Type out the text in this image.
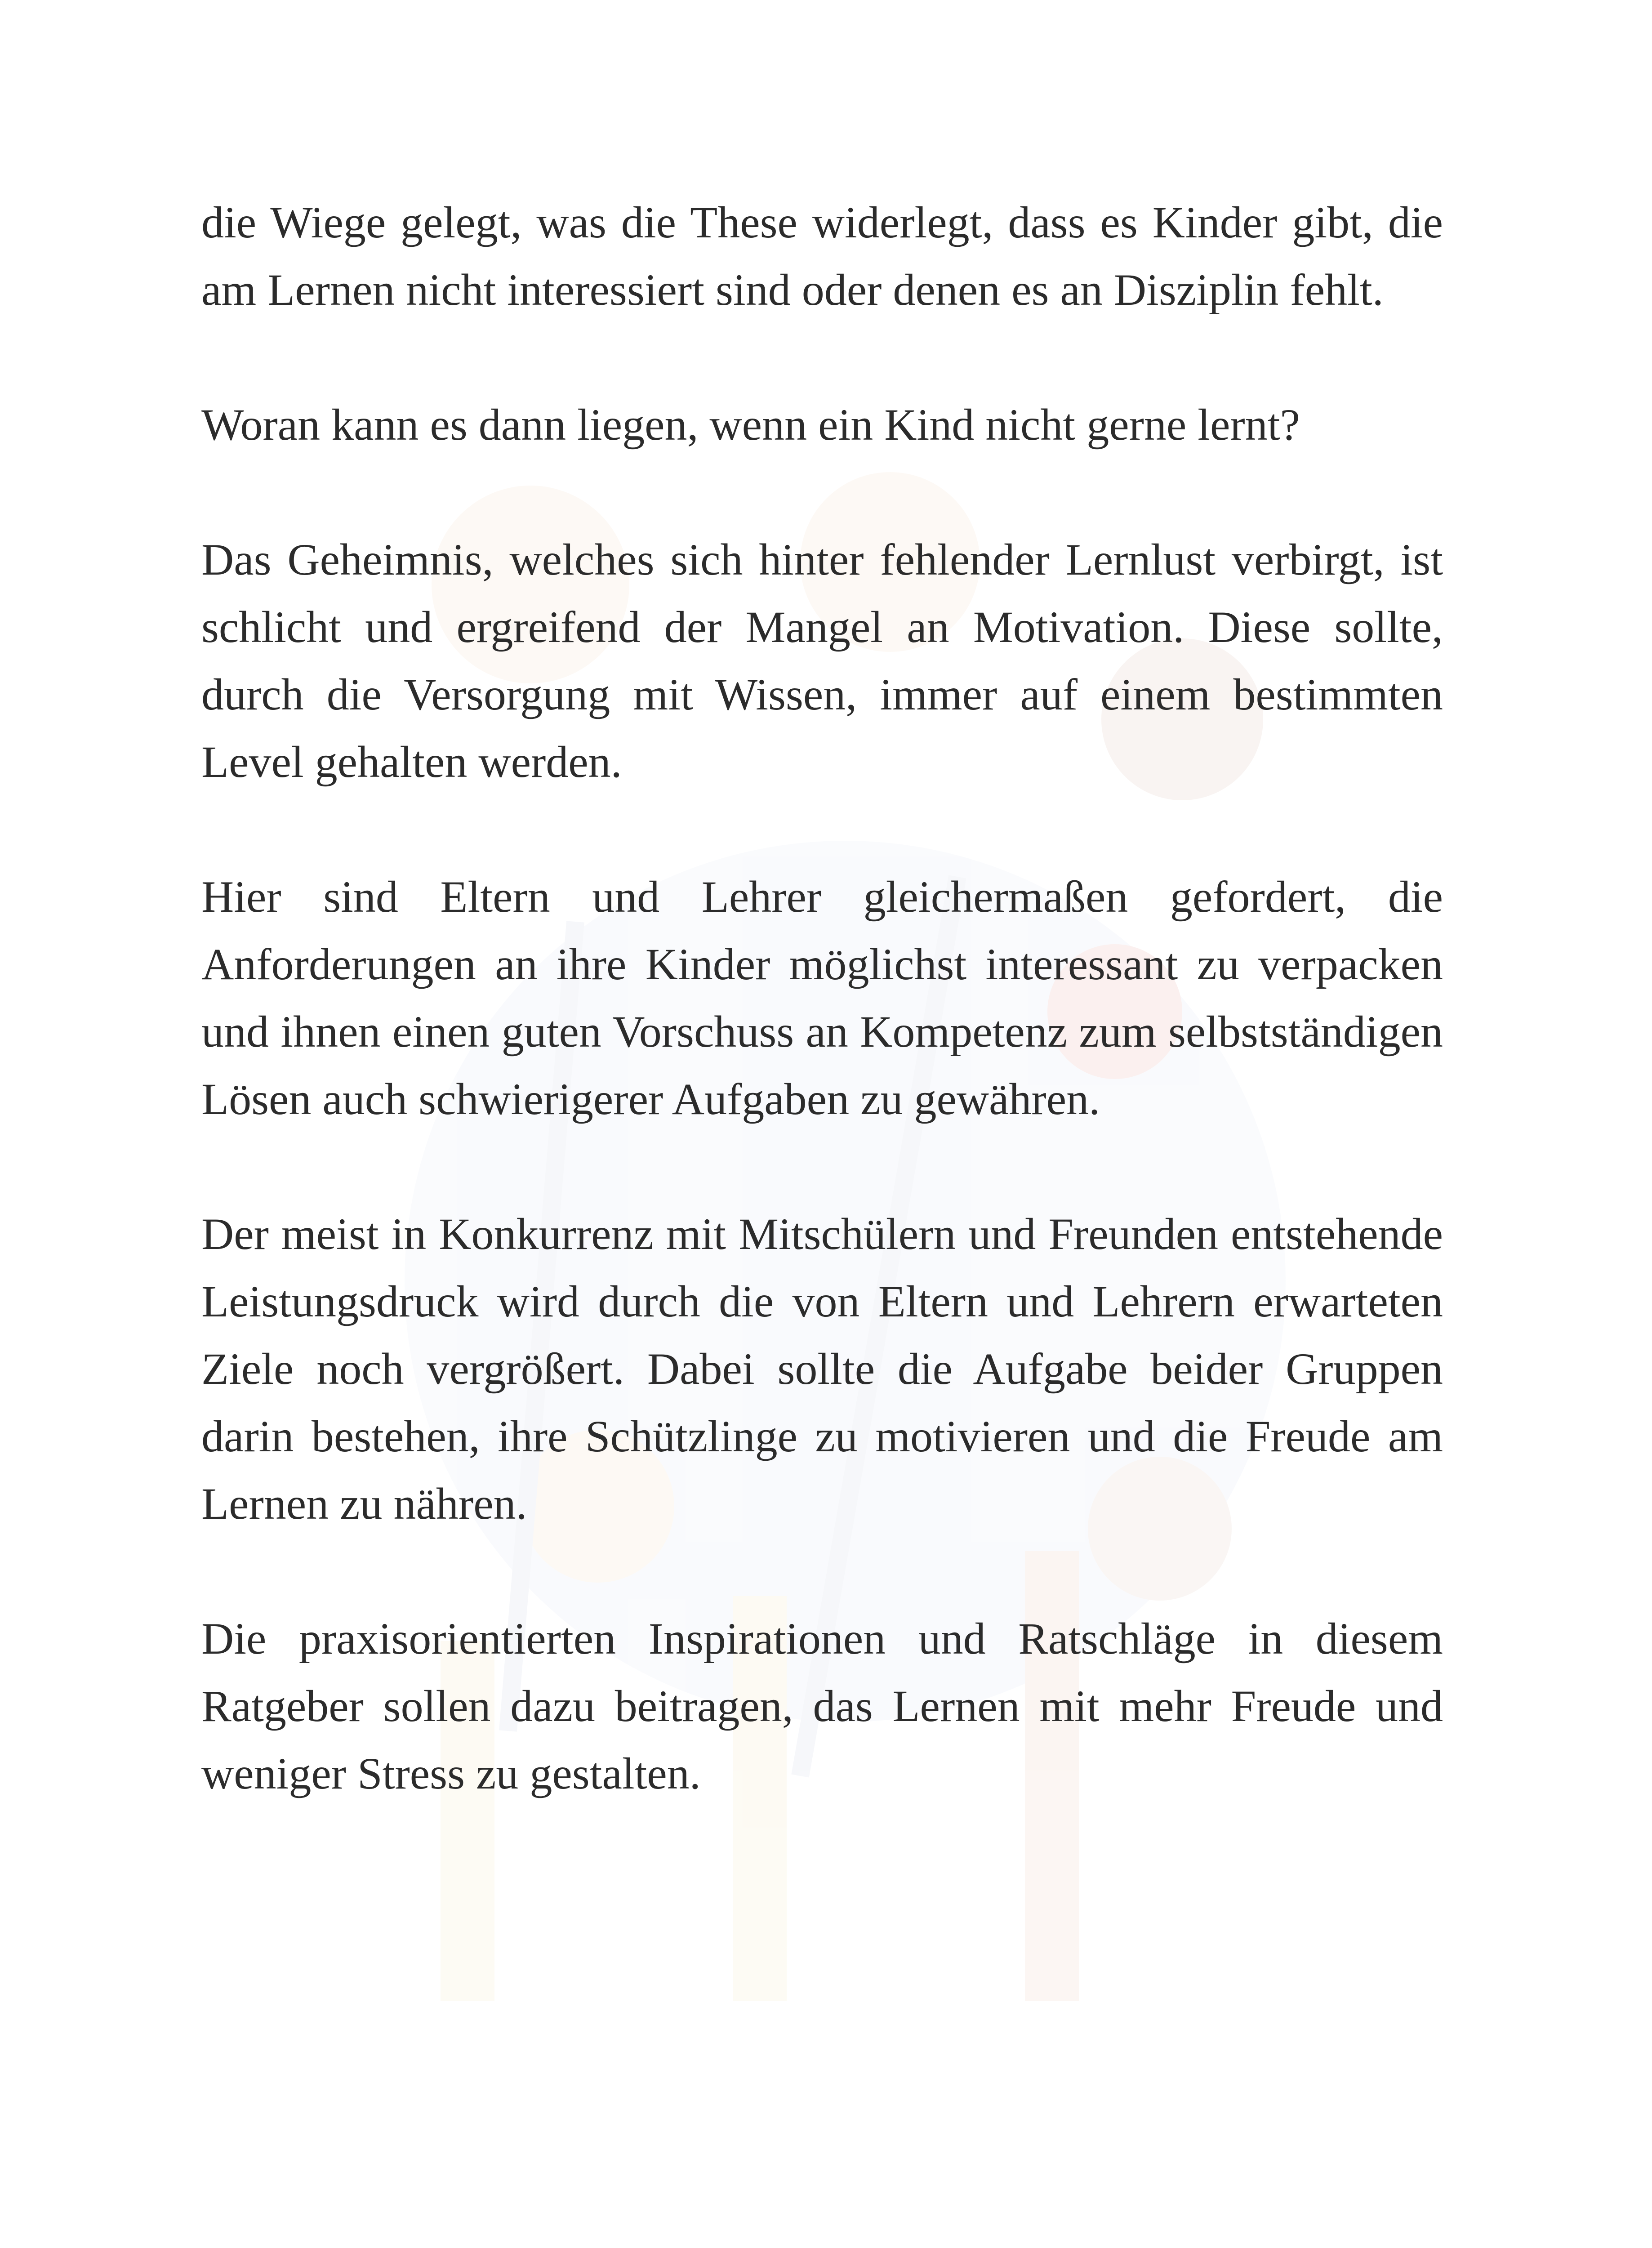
die Wiege gelegt, was die These widerlegt, dass es Kinder gibt, die am Lernen nicht interessiert sind oder denen es an Disziplin fehlt.

Woran kann es dann liegen, wenn ein Kind nicht gerne lernt?

Das Geheimnis, welches sich hinter fehlender Lernlust verbirgt, ist schlicht und ergreifend der Mangel an Motivation. Diese sollte, durch die Versorgung mit Wissen, immer auf einem bestimmten Level gehalten werden.

Hier sind Eltern und Lehrer gleichermaßen gefordert, die Anforderungen an ihre Kinder möglichst interessant zu verpacken und ihnen einen guten Vorschuss an Kompetenz zum selbstständigen Lösen auch schwierigerer Aufgaben zu gewähren.

Der meist in Konkurrenz mit Mitschülern und Freunden entstehende Leistungsdruck wird durch die von Eltern und Lehrern erwarteten Ziele noch vergrößert. Dabei sollte die Aufgabe beider Gruppen darin bestehen, ihre Schützlinge zu motivieren und die Freude am Lernen zu nähren.

Die praxisorientierten Inspirationen und Ratschläge in diesem Ratgeber sollen dazu beitragen, das Lernen mit mehr Freude und weniger Stress zu gestalten.
